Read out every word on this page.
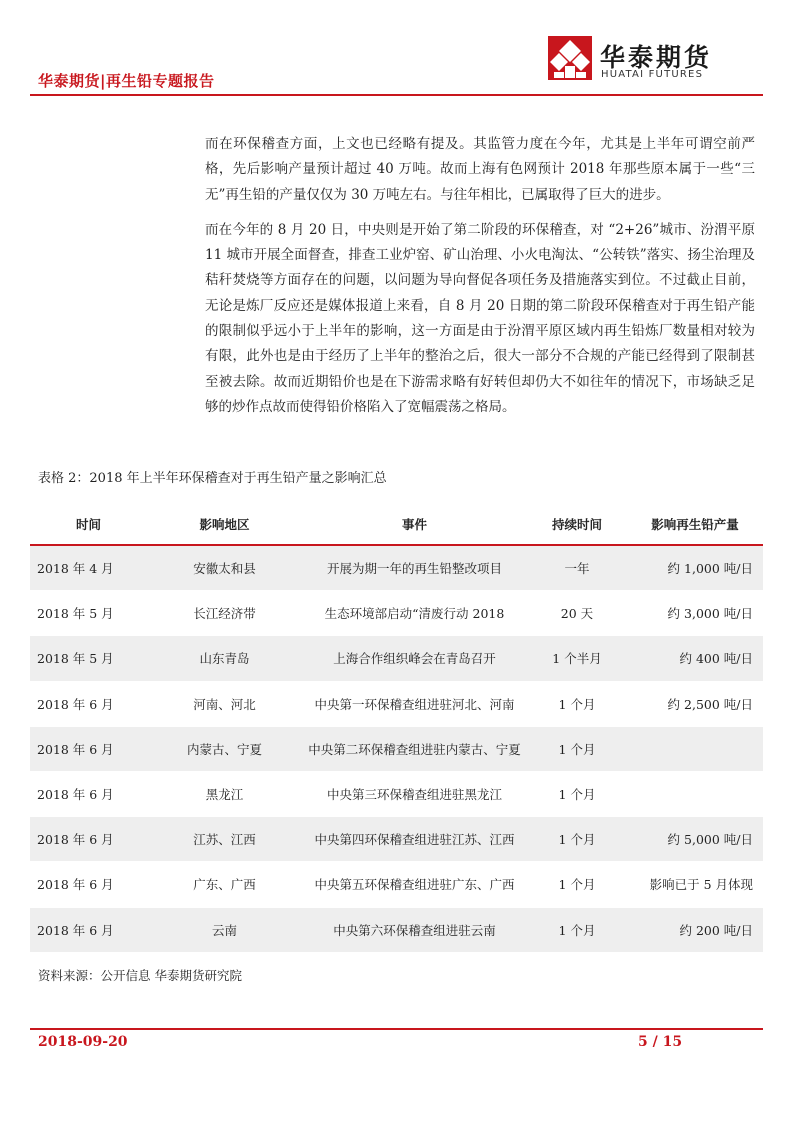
华泰期货|再生铅专题报告
华泰期货
HUATAI FUTURES

而在环保稽查方面，上文也已经略有提及。其监管力度在今年，尤其是上半年可谓空前严格，先后影响产量预计超过 40 万吨。故而上海有色网预计 2018 年那些原本属于一些“三无”再生铅的产量仅仅为 30 万吨左右。与往年相比，已属取得了巨大的进步。

而在今年的 8 月 20 日，中央则是开始了第二阶段的环保稽查，对 “2+26”城市、汾渭平原 11 城市开展全面督查，排查工业炉窑、矿山治理、小火电淘汰、“公转铁”落实、扬尘治理及秸秆焚烧等方面存在的问题，以问题为导向督促各项任务及措施落实到位。不过截止目前，无论是炼厂反应还是媒体报道上来看，自 8 月 20 日期的第二阶段环保稽查对于再生铅产能的限制似乎远小于上半年的影响，这一方面是由于汾渭平原区域内再生铅炼厂数量相对较为有限，此外也是由于经历了上半年的整治之后，很大一部分不合规的产能已经得到了限制甚至被去除。故而近期铅价也是在下游需求略有好转但却仍大不如往年的情况下，市场缺乏足够的炒作点故而使得铅价格陷入了宽幅震荡之格局。

表格 2：2018 年上半年环保稽查对于再生铅产量之影响汇总
时间	影响地区	事件	持续时间	影响再生铅产量
2018 年 4 月	安徽太和县	开展为期一年的再生铅整改项目	一年	约 1,000 吨/日
2018 年 5 月	长江经济带	生态环境部启动“清废行动 2018	20 天	约 3,000 吨/日
2018 年 5 月	山东青岛	上海合作组织峰会在青岛召开	1 个半月	约 400 吨/日
2018 年 6 月	河南、河北	中央第一环保稽查组进驻河北、河南	1 个月	约 2,500 吨/日
2018 年 6 月	内蒙古、宁夏	中央第二环保稽查组进驻内蒙古、宁夏	1 个月	
2018 年 6 月	黑龙江	中央第三环保稽查组进驻黑龙江	1 个月	
2018 年 6 月	江苏、江西	中央第四环保稽查组进驻江苏、江西	1 个月	约 5,000 吨/日
2018 年 6 月	广东、广西	中央第五环保稽查组进驻广东、广西	1 个月	影响已于 5 月体现
2018 年 6 月	云南	中央第六环保稽查组进驻云南	1 个月	约 200 吨/日
资料来源：公开信息 华泰期货研究院
2018-09-20	5 / 15
